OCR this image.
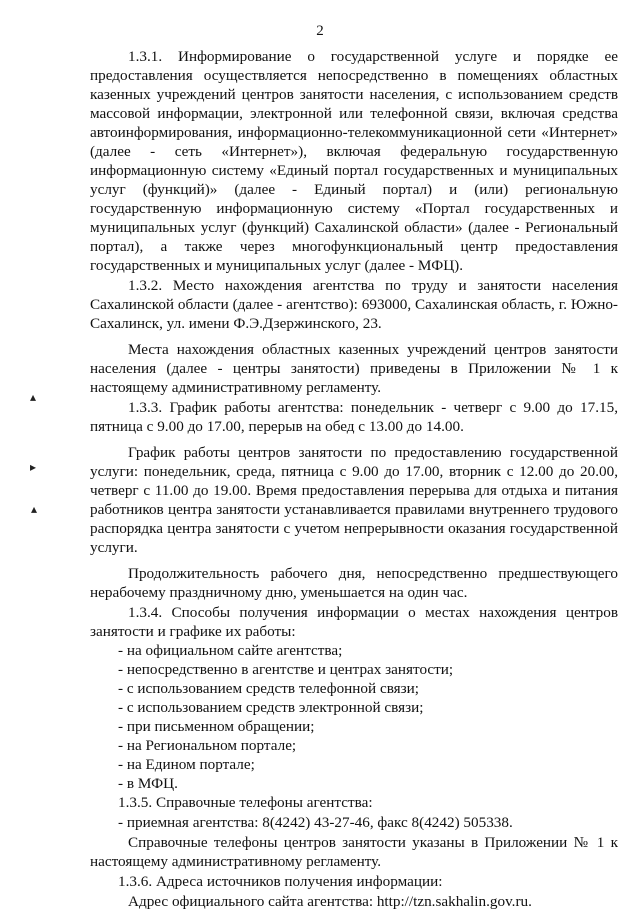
2
▴
▸
▴

1.3.1. Информирование о государственной услуге и порядке ее предоставления осуществляется непосредственно в помещениях областных казенных учреждений центров занятости населения, с использованием средств массовой информации, электронной или телефонной связи, включая средства автоинформирования, информационно-телекоммуникационной сети «Интернет» (далее - сеть «Интернет»), включая федеральную государственную информационную систему «Единый портал государственных и муниципальных услуг (функций)» (далее - Единый портал) и (или) региональную государственную информационную систему «Портал государственных и муниципальных услуг (функций) Сахалинской области» (далее - Региональный портал), а также через многофункциональный центр предоставления государственных и муниципальных услуг (далее - МФЦ).

1.3.2. Место нахождения агентства по труду и занятости населения Сахалинской области (далее - агентство): 693000, Сахалинская область, г. Южно-Сахалинск, ул. имени Ф.Э.Дзержинского, 23.

Места нахождения областных казенных учреждений центров занятости населения (далее - центры занятости) приведены в Приложении № 1 к настоящему административному регламенту.

1.3.3. График работы агентства: понедельник - четверг с 9.00 до 17.15, пятница с 9.00 до 17.00, перерыв на обед с 13.00 до 14.00.

График работы центров занятости по предоставлению государственной услуги: понедельник, среда, пятница с 9.00 до 17.00, вторник с 12.00 до 20.00, четверг с 11.00 до 19.00. Время предоставления перерыва для отдыха и питания работников центра занятости устанавливается правилами внутреннего трудового распорядка центра занятости с учетом непрерывности оказания государственной услуги.

Продолжительность рабочего дня, непосредственно предшествующего нерабочему праздничному дню, уменьшается на один час.

1.3.4. Способы получения информации о местах нахождения центров занятости и графике их работы:

- на официальном сайте агентства;

- непосредственно в агентстве и центрах занятости;

- с использованием средств телефонной связи;

- с использованием средств электронной связи;

- при письменном обращении;

- на Региональном портале;

- на Едином портале;

- в МФЦ.

1.3.5. Справочные телефоны агентства:

- приемная агентства: 8(4242) 43-27-46, факс 8(4242) 505338.

Справочные телефоны центров занятости указаны в Приложении № 1 к настоящему административному регламенту.

1.3.6. Адреса источников получения информации:

Адрес официального сайта агентства: http://tzn.sakhalin.gov.ru.
